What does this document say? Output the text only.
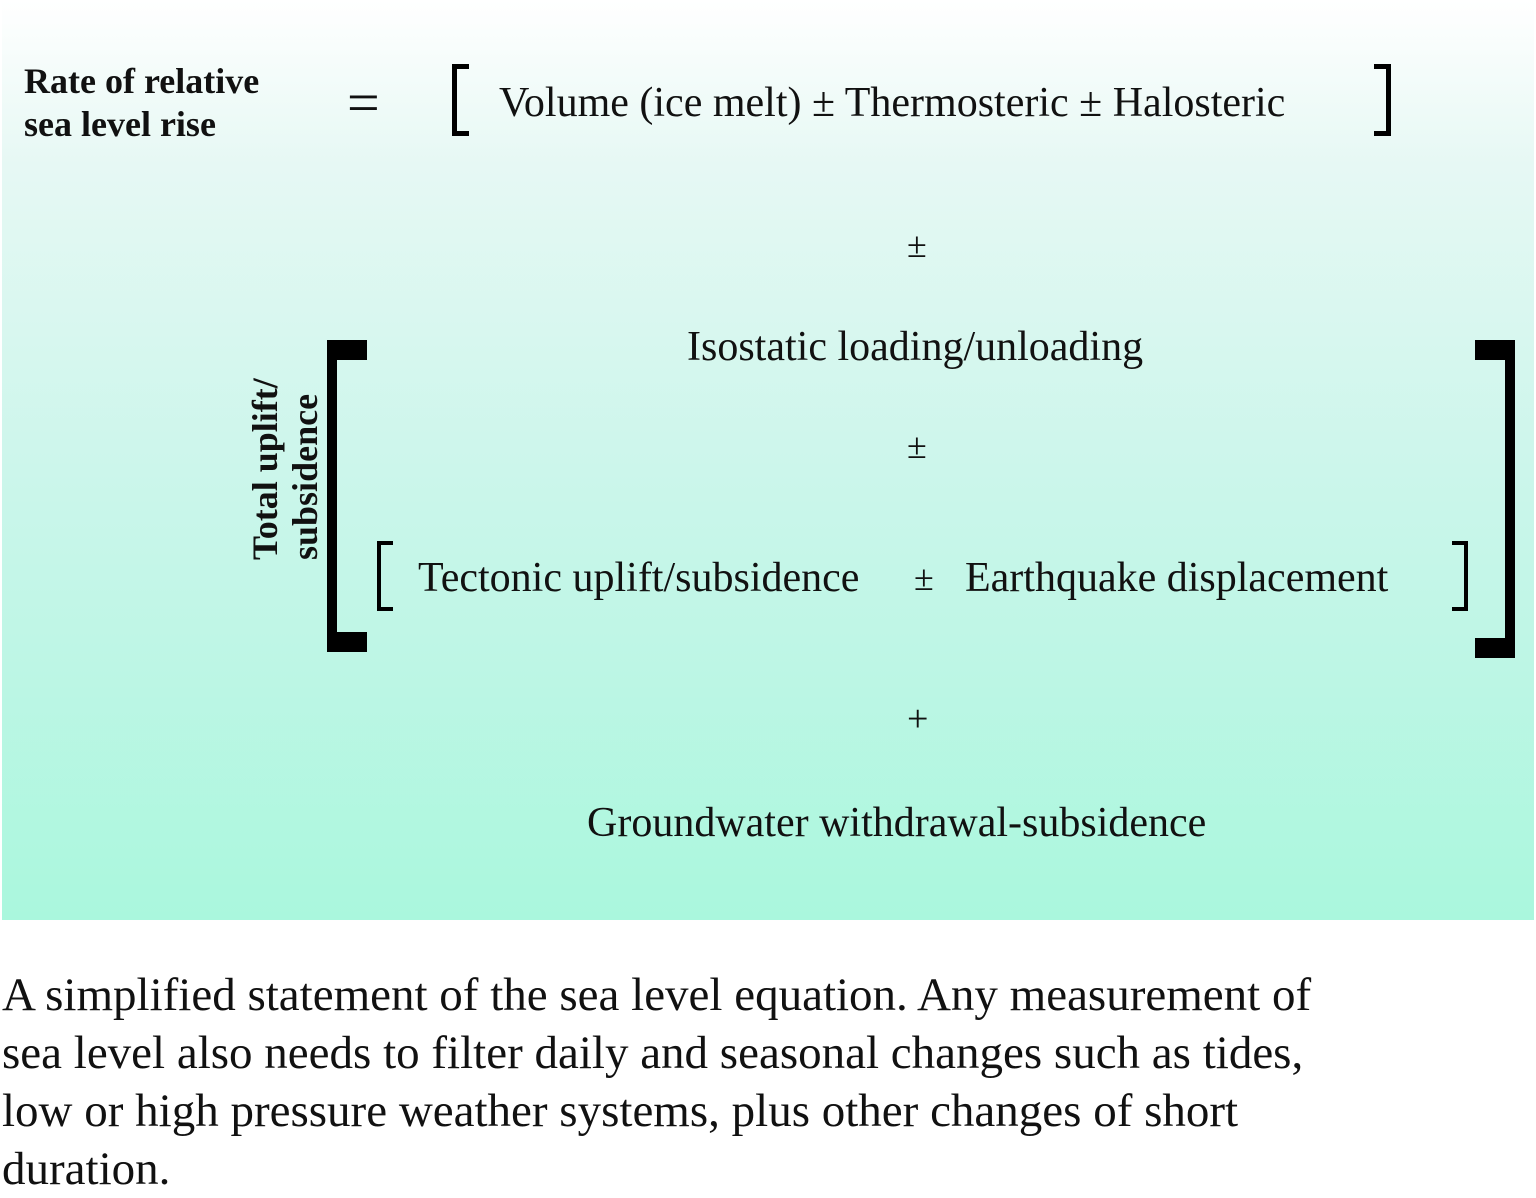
Rate of relative
sea level rise =	Volume (ice melt) ± Thermosteric ± Halosteric
±
Total uplift/ subsidence
Isostatic loading/unloading
±
Tectonic uplift/subsidence ± Earthquake displacement
+
Groundwater withdrawal-subsidence
A simplified statement of the sea level equation. Any measurement of
sea level also needs to filter daily and seasonal changes such as tides,
low or high pressure weather systems, plus other changes of short
duration.
